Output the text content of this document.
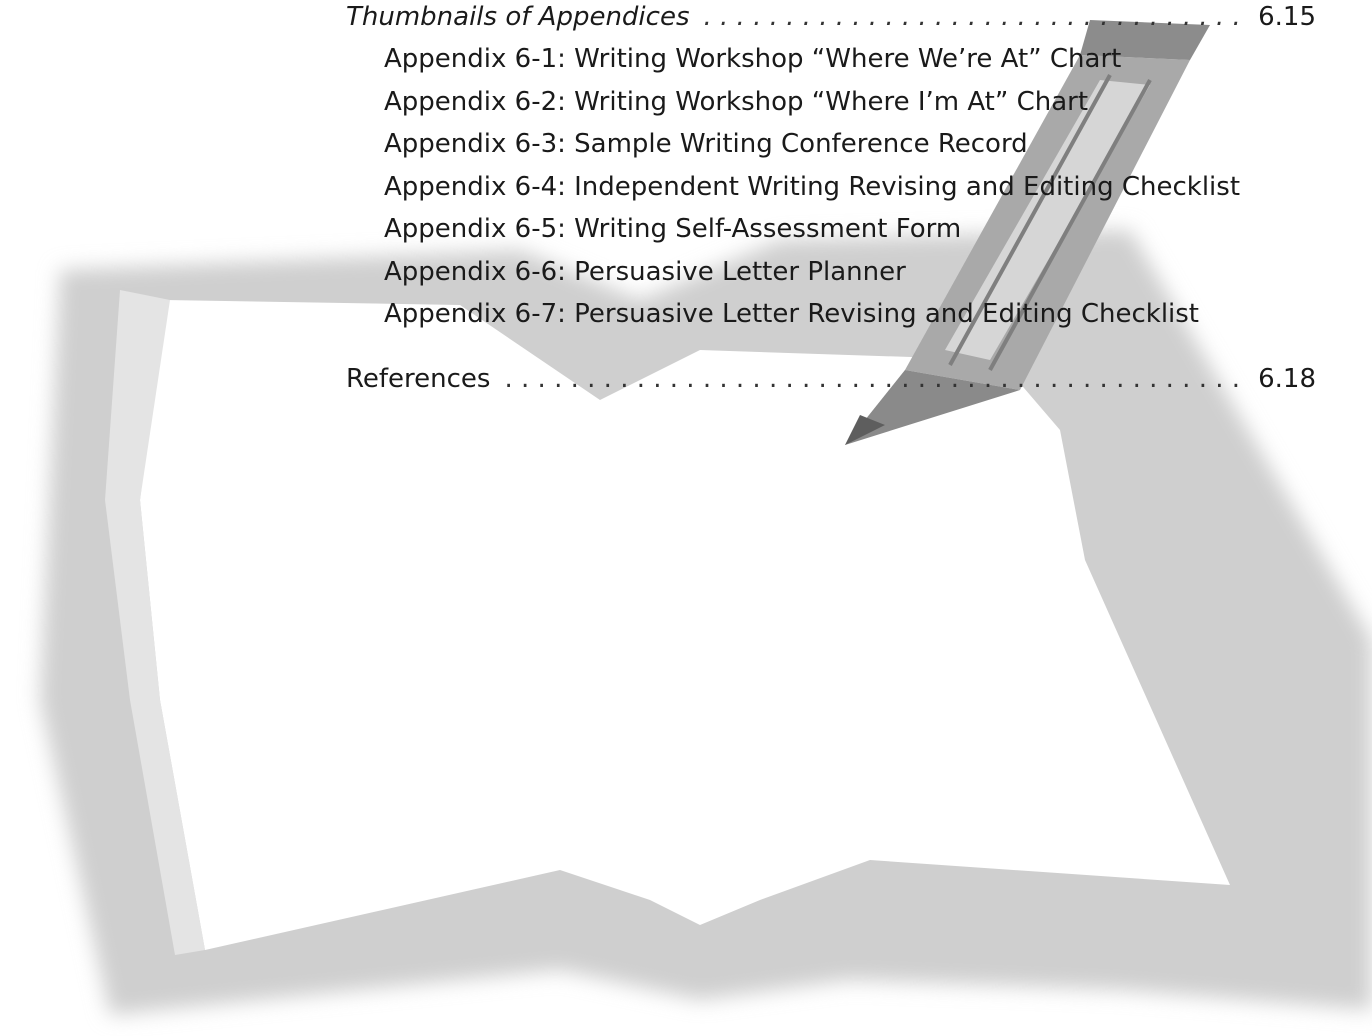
Thumbnails of Appendices . . .	6.15
Appendix 6-1: Writing Workshop “Where We’re At” Chart
Appendix 6-2: Writing Workshop “Where I’m At” Chart
Appendix 6-3: Sample Writing Conference Record
Appendix 6-4: Independent Writing Revising and Editing Checklist
Appendix 6-5: Writing Self-Assessment Form
Appendix 6-6: Persuasive Letter Planner
Appendix 6-7: Persuasive Letter Revising and Editing Checklist
References . . .	6.18
